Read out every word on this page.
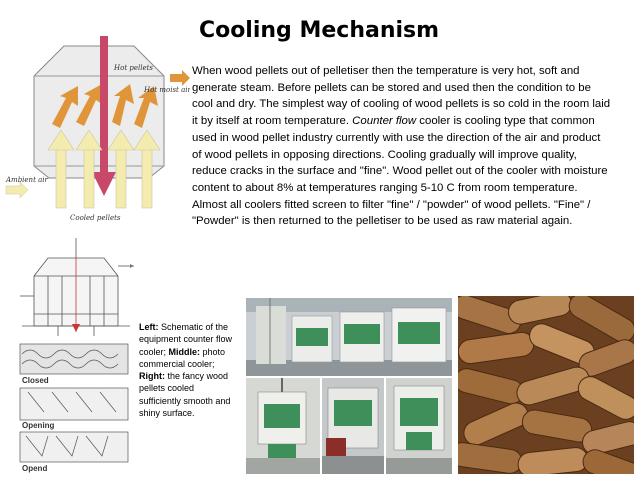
Cooling Mechanism
Hot pellets
Hot moist air
Ambient air
Cooled pellets
Closed
Opening
Opend
When wood pellets out of pelletiser then the temperature is very hot, soft and generate steam. Before pellets can be stored and used then the condition to be cool and dry. The simplest way of cooling of wood pellets is so cold in the room laid it by itself at room temperature. Counter flow cooler is cooling type that common used in wood pellet industry currently with use the direction of the air and product of wood pellets in opposing directions. Cooling gradually will improve quality, reduce cracks in the surface and "fine". Wood pellet out of the cooler with moisture content to about 8% at temperatures ranging 5-10 C from room temperature. Almost all coolers fitted screen to filter "fine" / "powder" of wood pellets. "Fine" / "Powder" is then returned to the pelletiser to be used as raw material again.
Left: Schematic of the equipment counter flow cooler; Middle: photo commercial cooler; Right: the fancy wood pellets cooled sufficiently smooth and shiny surface.
